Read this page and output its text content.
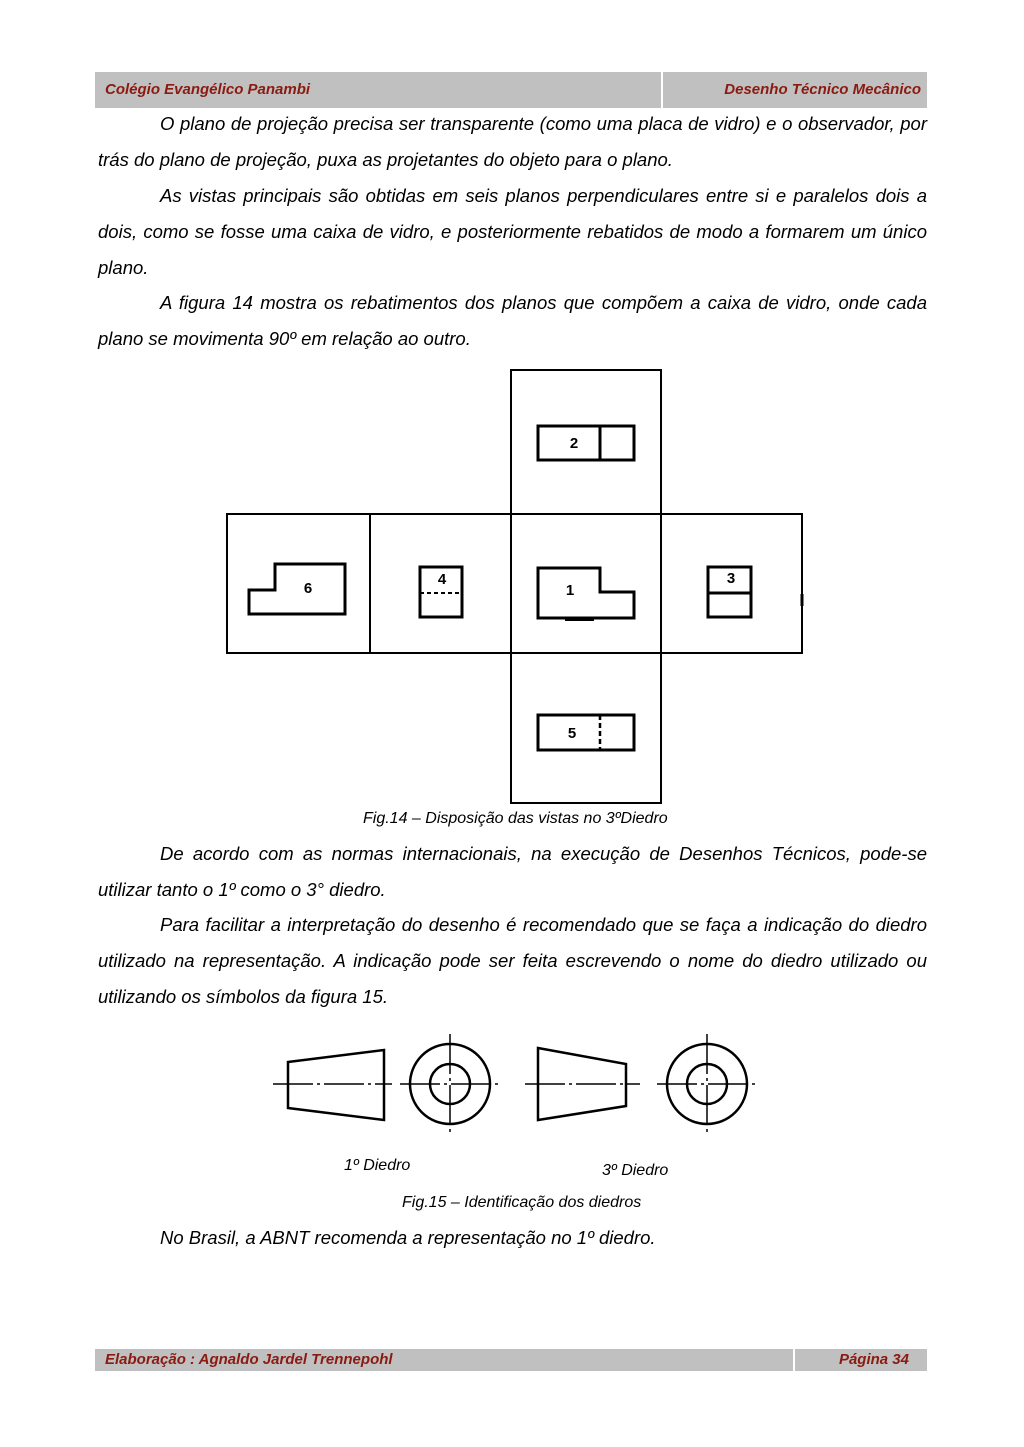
Colégio Evangélico Panambi	Desenho Técnico Mecânico

O plano de projeção precisa ser transparente (como uma placa de vidro) e o observador, por trás do plano de projeção, puxa as projetantes do objeto para o plano.

As vistas principais são obtidas em seis planos perpendiculares entre si e paralelos dois a dois, como se fosse uma caixa de vidro, e posteriormente rebatidos de modo a formarem um único plano.

A figura 14 mostra os rebatimentos dos planos que compõem a caixa de vidro, onde cada plano se movimenta 90º em relação ao outro.

2
1
6
4	3
5
Fig.14 – Disposição das vistas no 3ºDiedro

De acordo com as normas internacionais, na execução de Desenhos Técnicos, pode-se utilizar tanto o 1º como o 3° diedro.

Para facilitar a interpretação do desenho é recomendado que se faça a indicação do diedro utilizado na representação. A indicação pode ser feita escrevendo o nome do diedro utilizado ou utilizando os símbolos da figura 15.

1º Diedro	3º Diedro
Fig.15 – Identificação dos diedros

No Brasil, a ABNT recomenda a representação no 1º diedro.

Elaboração : Agnaldo Jardel Trennepohl	Página 34
